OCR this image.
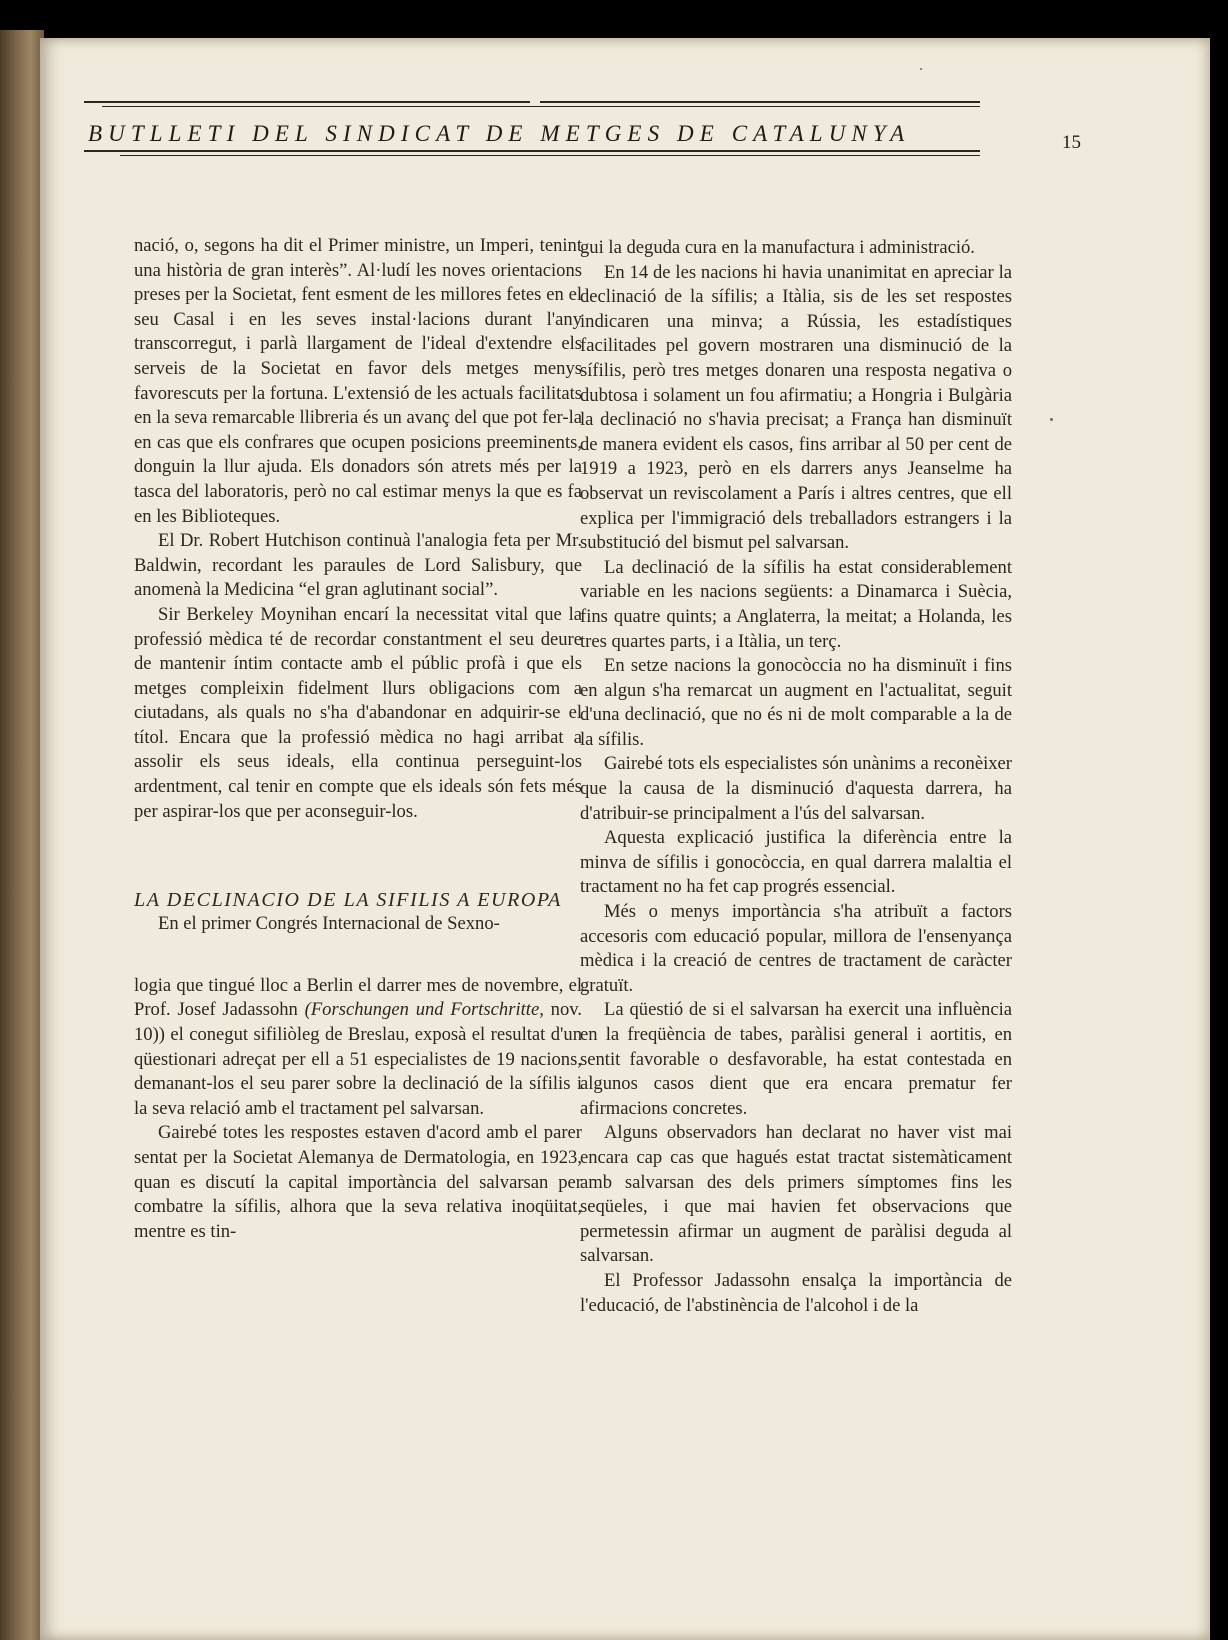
BUTLLETI DEL SINDICAT DE METGES DE CATALUNYA	15

nació, o, segons ha dit el Primer ministre, un Imperi, tenint una història de gran interès”. Al·ludí les noves orientacions preses per la Societat, fent esment de les millores fetes en el seu Casal i en les seves instal·lacions durant l'any transcorregut, i parlà llargament de l'ideal d'extendre els serveis de la Societat en favor dels metges menys favorescuts per la fortuna. L'extensió de les actuals facilitats en la seva remarcable llibreria és un avanç del que pot fer-la en cas que els confrares que ocupen posicions preeminents, donguin la llur ajuda. Els donadors són atrets més per la tasca del laboratoris, però no cal estimar menys la que es fa en les Biblioteques.

El Dr. Robert Hutchison continuà l'analogia feta per Mr. Baldwin, recordant les paraules de Lord Salisbury, que anomenà la Medicina “el gran aglutinant social”.

Sir Berkeley Moynihan encarí la necessitat vital que la professió mèdica té de recordar constantment el seu deure de mantenir íntim contacte amb el públic profà i que els metges compleixin fidelment llurs obligacions com a ciutadans, als quals no s'ha d'abandonar en adquirir-se el títol. Encara que la professió mèdica no hagi arribat a assolir els seus ideals, ella continua perseguint-los ardentment, cal tenir en compte que els ideals són fets més per aspirar-los que per aconseguir-los.

LA DECLINACIO DE LA SIFILIS A EUROPA

En el primer Congrés Internacional de Sexno-

logia que tingué lloc a Berlin el darrer mes de novembre, el Prof. Josef Jadassohn (Forschungen und Fortschritte, nov. 10)) el conegut sifiliòleg de Breslau, exposà el resultat d'un qüestionari adreçat per ell a 51 especialistes de 19 nacions, demanant-los el seu parer sobre la declinació de la sífilis i la seva relació amb el tractament pel salvarsan.

Gairebé totes les respostes estaven d'acord amb el parer sentat per la Societat Alemanya de Dermatologia, en 1923, quan es discutí la capital importància del salvarsan per combatre la sífilis, alhora que la seva relativa inoqüitat, mentre es tin-

gui la deguda cura en la manufactura i administració.

En 14 de les nacions hi havia unanimitat en apreciar la declinació de la sífilis; a Itàlia, sis de les set respostes indicaren una minva; a Rússia, les estadístiques facilitades pel govern mostraren una disminució de la sífilis, però tres metges donaren una resposta negativa o dubtosa i solament un fou afirmatiu; a Hongria i Bulgària la declinació no s'havia precisat; a França han disminuït de manera evident els casos, fins arribar al 50 per cent de 1919 a 1923, però en els darrers anys Jeanselme ha observat un reviscolament a París i altres centres, que ell explica per l'immigració dels treballadors estrangers i la substitució del bismut pel salvarsan.

La declinació de la sífilis ha estat considerablement variable en les nacions següents: a Dinamarca i Suècia, fins quatre quints; a Anglaterra, la meitat; a Holanda, les tres quartes parts, i a Itàlia, un terç.

En setze nacions la gonocòccia no ha disminuït i fins en algun s'ha remarcat un augment en l'actualitat, seguit d'una declinació, que no és ni de molt comparable a la de la sífilis.

Gairebé tots els especialistes són unànims a reconèixer que la causa de la disminució d'aquesta darrera, ha d'atribuir-se principalment a l'ús del salvarsan.

Aquesta explicació justifica la diferència entre la minva de sífilis i gonocòccia, en qual darrera malaltia el tractament no ha fet cap progrés essencial.

Més o menys importància s'ha atribuït a factors accesoris com educació popular, millora de l'ensenyança mèdica i la creació de centres de tractament de caràcter gratuït.

La qüestió de si el salvarsan ha exercit una influència en la freqüència de tabes, paràlisi general i aortitis, en sentit favorable o desfavorable, ha estat contestada en algunos casos dient que era encara prematur fer afirmacions concretes.

Alguns observadors han declarat no haver vist mai encara cap cas que hagués estat tractat sistemàticament amb salvarsan des dels primers símptomes fins les seqüeles, i que mai havien fet observacions que permetessin afirmar un augment de paràlisi deguda al salvarsan.

El Professor Jadassohn ensalça la importància de l'educació, de l'abstinència de l'alcohol i de la
